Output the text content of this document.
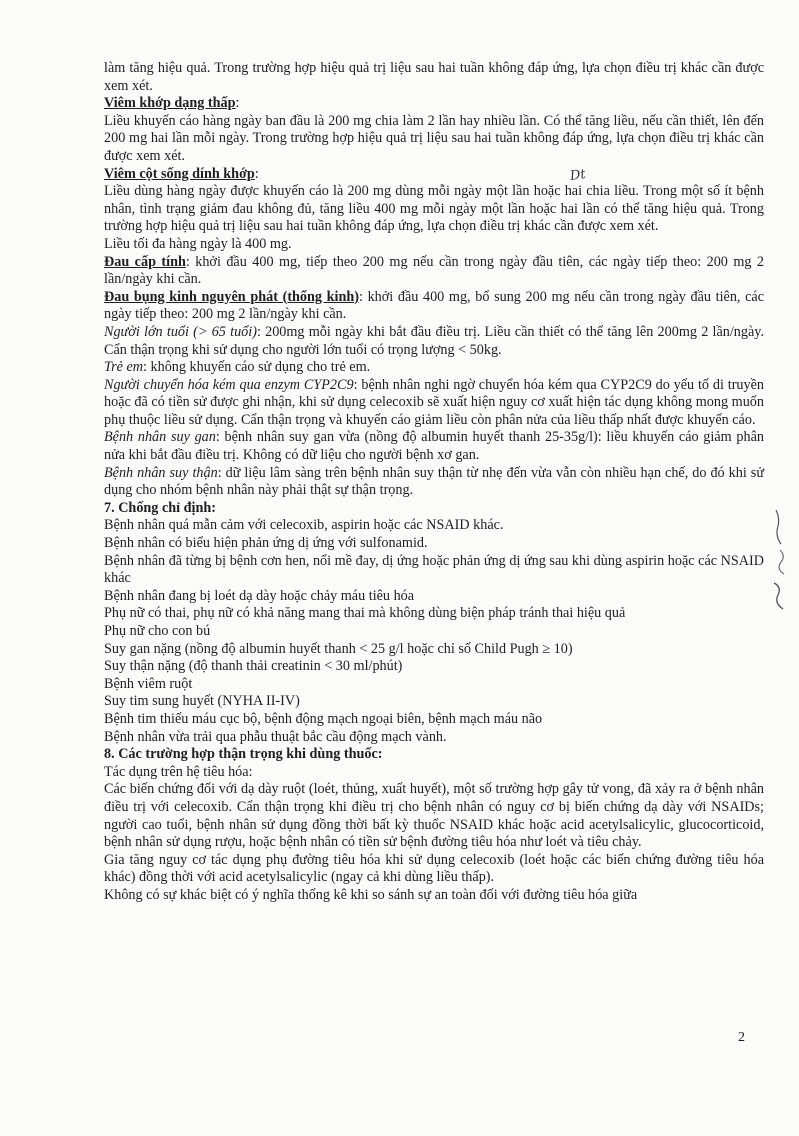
làm tăng hiệu quả. Trong trường hợp hiệu quả trị liệu sau hai tuần không đáp ứng, lựa chọn điều trị khác cần được xem xét.

Viêm khớp dạng thấp:

Liều khuyến cáo hàng ngày ban đầu là 200 mg chia làm 2 lần hay nhiều lần. Có thể tăng liều, nếu cần thiết, lên đến 200 mg hai lần mỗi ngày. Trong trường hợp hiệu quả trị liệu sau hai tuần không đáp ứng, lựa chọn điều trị khác cần được xem xét.

Viêm cột sống dính khớp:

Liều dùng hàng ngày được khuyến cáo là 200 mg dùng mỗi ngày một lần hoặc hai chia liều. Trong một số ít bệnh nhân, tình trạng giảm đau không đủ, tăng liều 400 mg mỗi ngày một lần hoặc hai lần có thể tăng hiệu quả. Trong trường hợp hiệu quả trị liệu sau hai tuần không đáp ứng, lựa chọn điều trị khác cần được xem xét.

Liều tối đa hàng ngày là 400 mg.

Đau cấp tính: khởi đầu 400 mg, tiếp theo 200 mg nếu cần trong ngày đầu tiên, các ngày tiếp theo: 200 mg 2 lần/ngày khi cần.

Đau bụng kinh nguyên phát (thống kinh): khởi đầu 400 mg, bổ sung 200 mg nếu cần trong ngày đầu tiên, các ngày tiếp theo: 200 mg 2 lần/ngày khi cần.

Người lớn tuổi (> 65 tuổi): 200mg mỗi ngày khi bắt đầu điều trị. Liều cần thiết có thể tăng lên 200mg 2 lần/ngày. Cẩn thận trọng khi sử dụng cho người lớn tuổi có trọng lượng < 50kg.

Trẻ em: không khuyến cáo sử dụng cho trẻ em.

Người chuyển hóa kém qua enzym CYP2C9: bệnh nhân nghi ngờ chuyển hóa kém qua CYP2C9 do yếu tố di truyền hoặc đã có tiền sử được ghi nhận, khi sử dụng celecoxib sẽ xuất hiện nguy cơ xuất hiện tác dụng không mong muốn phụ thuộc liều sử dụng. Cẩn thận trọng và khuyến cáo giảm liều còn phân nửa của liều thấp nhất được khuyến cáo.

Bệnh nhân suy gan: bệnh nhân suy gan vừa (nồng độ albumin huyết thanh 25-35g/l): liều khuyến cáo giảm phân nửa khi bắt đầu điều trị. Không có dữ liệu cho người bệnh xơ gan.

Bệnh nhân suy thận: dữ liệu lâm sàng trên bệnh nhân suy thận từ nhẹ đến vừa vẫn còn nhiều hạn chế, do đó khi sử dụng cho nhóm bệnh nhân này phải thật sự thận trọng.

7. Chống chỉ định:

Bệnh nhân quá mẫn cảm với celecoxib, aspirin hoặc các NSAID khác.

Bệnh nhân có biểu hiện phản ứng dị ứng với sulfonamid.

Bệnh nhân đã từng bị bệnh cơn hen, nổi mề đay, dị ứng hoặc phản ứng dị ứng sau khi dùng aspirin hoặc các NSAID khác

Bệnh nhân đang bị loét dạ dày hoặc chảy máu tiêu hóa

Phụ nữ có thai, phụ nữ có khả năng mang thai mà không dùng biện pháp tránh thai hiệu quả

Phụ nữ cho con bú

Suy gan nặng (nồng độ albumin huyết thanh < 25 g/l hoặc chỉ số Child Pugh ≥ 10)

Suy thận nặng (độ thanh thải creatinin < 30 ml/phút)

Bệnh viêm ruột

Suy tim sung huyết (NYHA II-IV)

Bệnh tim thiếu máu cục bộ, bệnh động mạch ngoại biên, bệnh mạch máu não

Bệnh nhân vừa trải qua phẫu thuật bắc cầu động mạch vành.

8. Các trường hợp thận trọng khi dùng thuốc:

Tác dụng trên hệ tiêu hóa:

Các biến chứng đối với dạ dày ruột (loét, thủng, xuất huyết), một số trường hợp gây tử vong, đã xảy ra ở bệnh nhân điều trị với celecoxib. Cẩn thận trọng khi điều trị cho bệnh nhân có nguy cơ bị biến chứng dạ dày với NSAIDs; người cao tuổi, bệnh nhân sử dụng đồng thời bất kỳ thuốc NSAID khác hoặc acid acetylsalicylic, glucocorticoid, bệnh nhân sử dụng rượu, hoặc bệnh nhân có tiền sử bệnh đường tiêu hóa như loét và tiêu chảy.

Gia tăng nguy cơ tác dụng phụ đường tiêu hóa khi sử dụng celecoxib (loét hoặc các biến chứng đường tiêu hóa khác) đồng thời với acid acetylsalicylic (ngay cả khi dùng liều thấp).

Không có sự khác biệt có ý nghĩa thống kê khi so sánh sự an toàn đối với đường tiêu hóa giữa

Dt
2
